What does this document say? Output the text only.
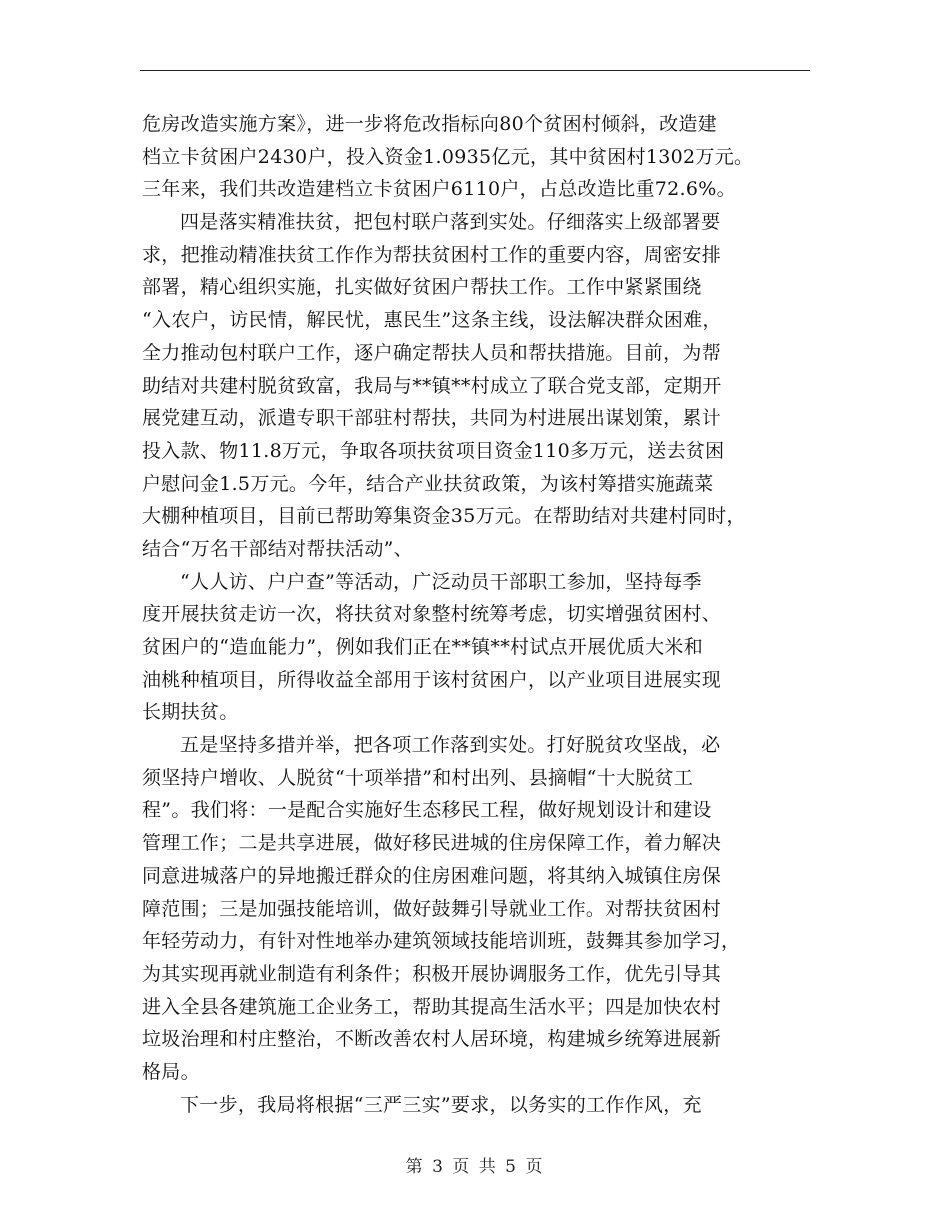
危房改造实施方案》，进一步将危改指标向80个贫困村倾斜，改造建
档立卡贫困户2430户，投入资金1.0935亿元，其中贫困村1302万元。
三年来，我们共改造建档立卡贫困户6110户，占总改造比重72.6%。
四是落实精准扶贫，把包村联户落到实处。仔细落实上级部署要
求，把推动精准扶贫工作作为帮扶贫困村工作的重要内容，周密安排
部署，精心组织实施，扎实做好贫困户帮扶工作。工作中紧紧围绕
“入农户，访民情，解民忧，惠民生”这条主线，设法解决群众困难，
全力推动包村联户工作，逐户确定帮扶人员和帮扶措施。目前，为帮
助结对共建村脱贫致富，我局与**镇**村成立了联合党支部，定期开
展党建互动，派遣专职干部驻村帮扶，共同为村进展出谋划策，累计
投入款、物11.8万元，争取各项扶贫项目资金110多万元，送去贫困
户慰问金1.5万元。今年，结合产业扶贫政策，为该村筹措实施蔬菜
大棚种植项目，目前已帮助筹集资金35万元。在帮助结对共建村同时，
结合“万名干部结对帮扶活动”、
“人人访、户户查”等活动，广泛动员干部职工参加，坚持每季
度开展扶贫走访一次，将扶贫对象整村统筹考虑，切实增强贫困村、
贫困户的“造血能力”，例如我们正在**镇**村试点开展优质大米和
油桃种植项目，所得收益全部用于该村贫困户，以产业项目进展实现
长期扶贫。
五是坚持多措并举，把各项工作落到实处。打好脱贫攻坚战，必
须坚持户增收、人脱贫“十项举措”和村出列、县摘帽“十大脱贫工
程”。我们将：一是配合实施好生态移民工程，做好规划设计和建设
管理工作；二是共享进展，做好移民进城的住房保障工作，着力解决
同意进城落户的异地搬迁群众的住房困难问题，将其纳入城镇住房保
障范围；三是加强技能培训，做好鼓舞引导就业工作。对帮扶贫困村
年轻劳动力，有针对性地举办建筑领域技能培训班，鼓舞其参加学习，
为其实现再就业制造有利条件；积极开展协调服务工作，优先引导其
进入全县各建筑施工企业务工，帮助其提高生活水平；四是加快农村
垃圾治理和村庄整治，不断改善农村人居环境，构建城乡统筹进展新
格局。
下一步，我局将根据“三严三实”要求，以务实的工作作风，充
第 3 页 共 5 页
